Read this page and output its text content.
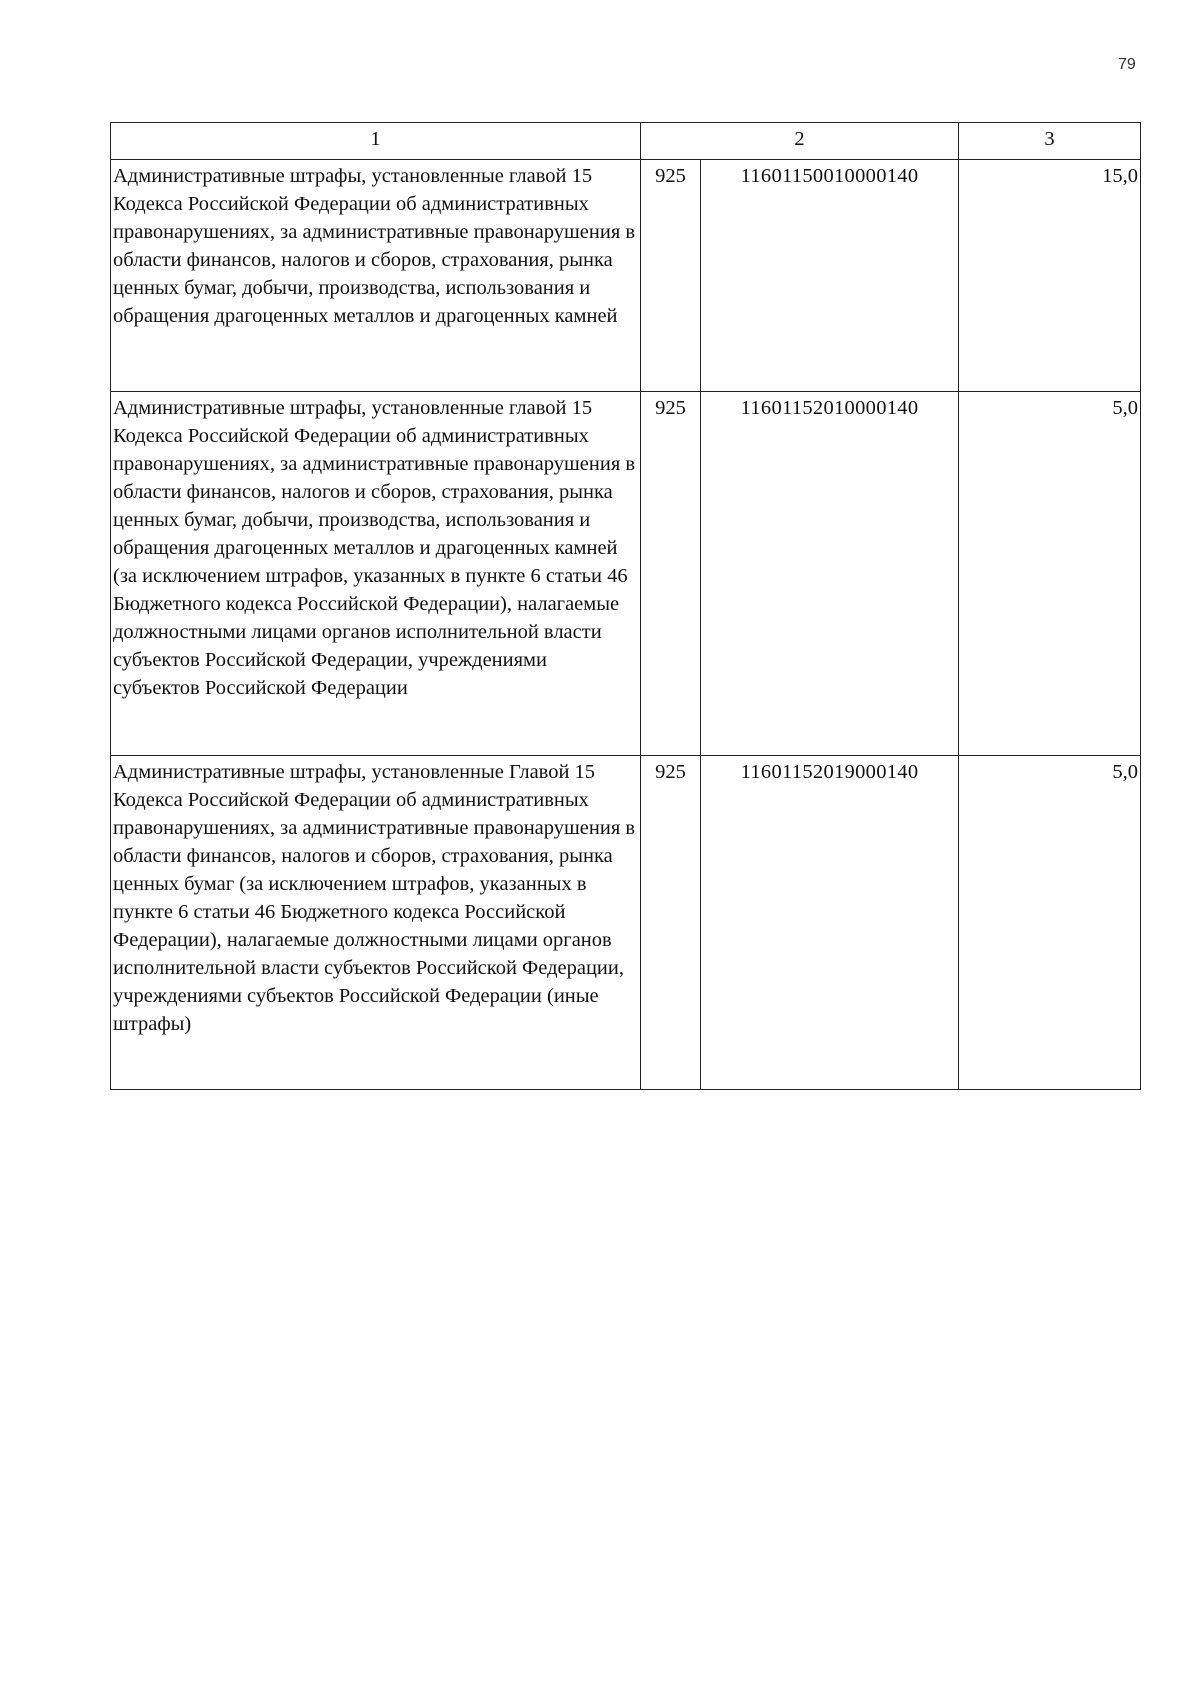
79
1	2		3
Административные штрафы, установленные главой 15 Кодекса Российской Федерации об административных правонарушениях, за административные правонарушения в области финансов, налогов и сборов, страхования, рынка ценных бумаг, добычи, производства, использования и обращения драгоценных металлов и драгоценных камней	925	11601150010000140	15,0
Административные штрафы, установленные главой 15 Кодекса Российской Федерации об административных правонарушениях, за административные правонарушения в области финансов, налогов и сборов, страхования, рынка ценных бумаг, добычи, производства, использования и обращения драгоценных металлов и драгоценных камней (за исключением штрафов, указанных в пункте 6 статьи 46 Бюджетного кодекса Российской Федерации), налагаемые должностными лицами органов исполнительной власти субъектов Российской Федерации, учреждениями субъектов Российской Федерации	925	11601152010000140	5,0
Административные штрафы, установленные Главой 15 Кодекса Российской Федерации об административных правонарушениях, за административные правонарушения в области финансов, налогов и сборов, страхования, рынка ценных бумаг (за исключением штрафов, указанных в пункте 6 статьи 46 Бюджетного кодекса Российской Федерации), налагаемые должностными лицами органов исполнительной власти субъектов Российской Федерации, учреждениями субъектов Российской Федерации (иные штрафы)	925	11601152019000140	5,0
